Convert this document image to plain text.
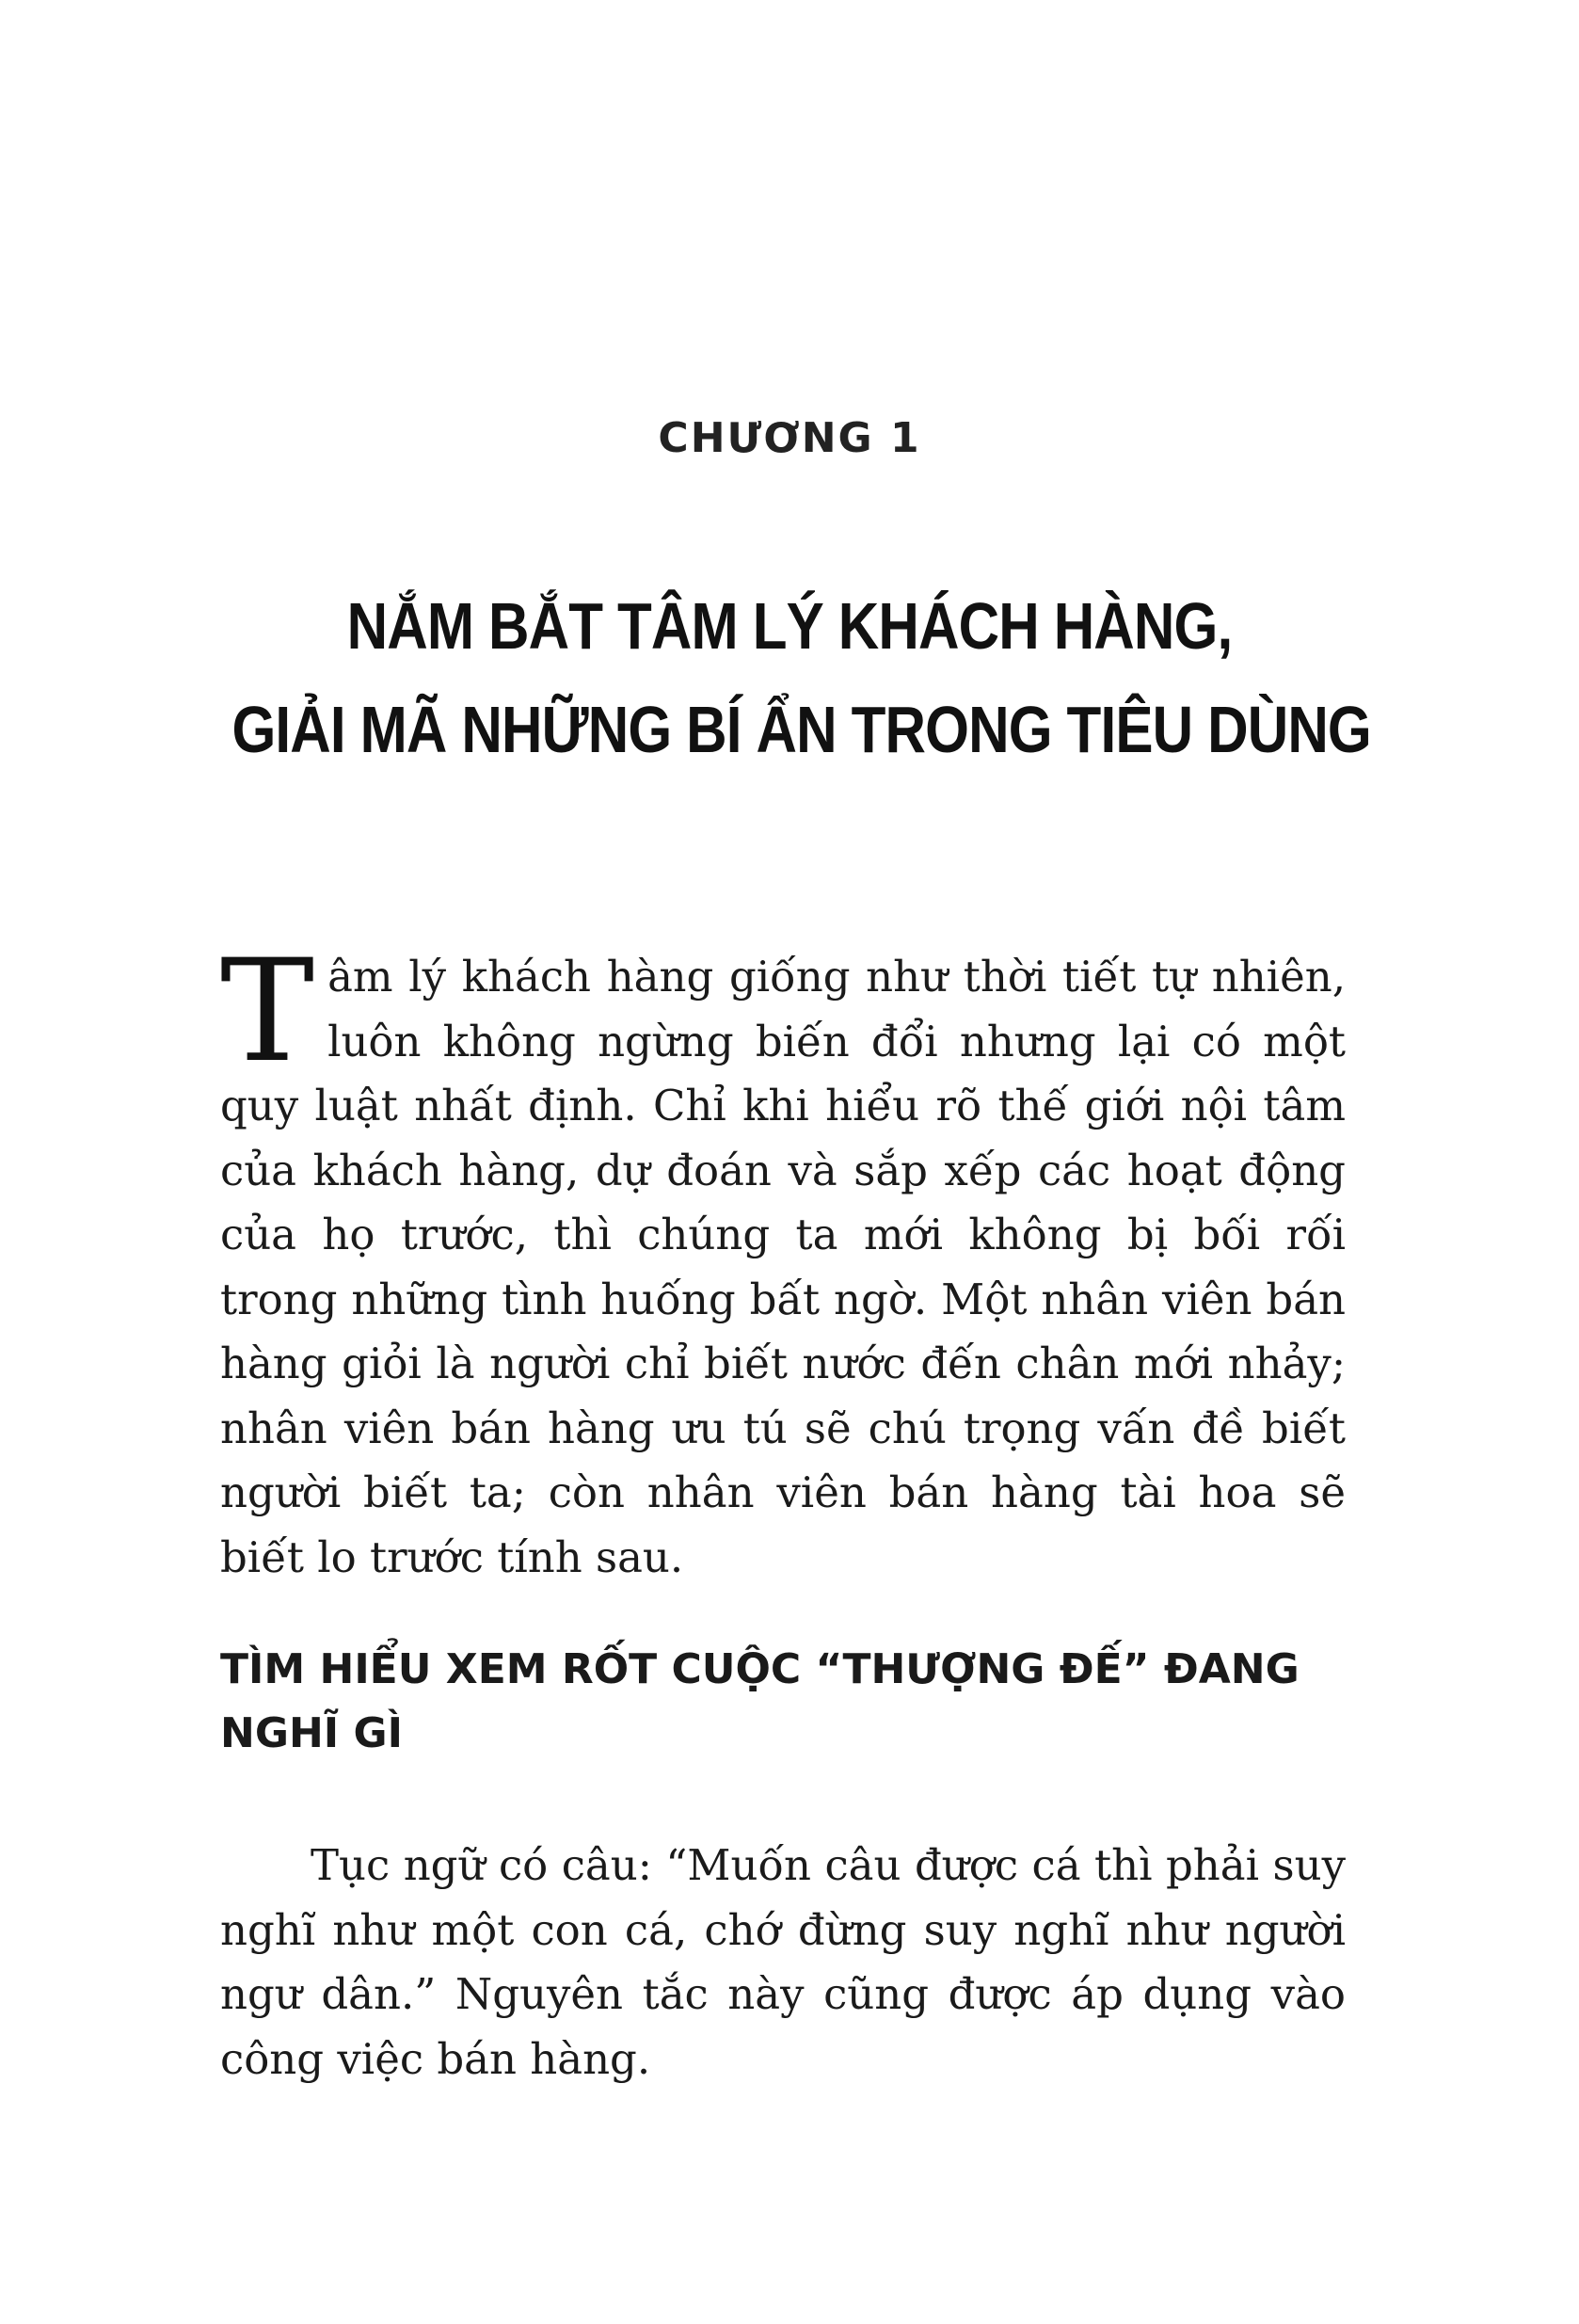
CHƯƠNG 1
NẮM BẮT TÂM LÝ KHÁCH HÀNG,
GIẢI MÃ NHỮNG BÍ ẨN TRONG TIÊU DÙNG

Tâm lý khách hàng giống như thời tiết tự nhiên, luôn không ngừng biến đổi nhưng lại có một quy luật nhất định. Chỉ khi hiểu rõ thế giới nội tâm của khách hàng, dự đoán và sắp xếp các hoạt động của họ trước, thì chúng ta mới không bị bối rối trong những tình huống bất ngờ. Một nhân viên bán hàng giỏi là người chỉ biết nước đến chân mới nhảy; nhân viên bán hàng ưu tú sẽ chú trọng vấn đề biết người biết ta; còn nhân viên bán hàng tài hoa sẽ biết lo trước tính sau.

TÌM HIỂU XEM RỐT CUỘC “THƯỢNG ĐẾ” ĐANG NGHĨ GÌ

Tục ngữ có câu: “Muốn câu được cá thì phải suy nghĩ như một con cá, chớ đừng suy nghĩ như người ngư dân.” Nguyên tắc này cũng được áp dụng vào công việc bán hàng.
